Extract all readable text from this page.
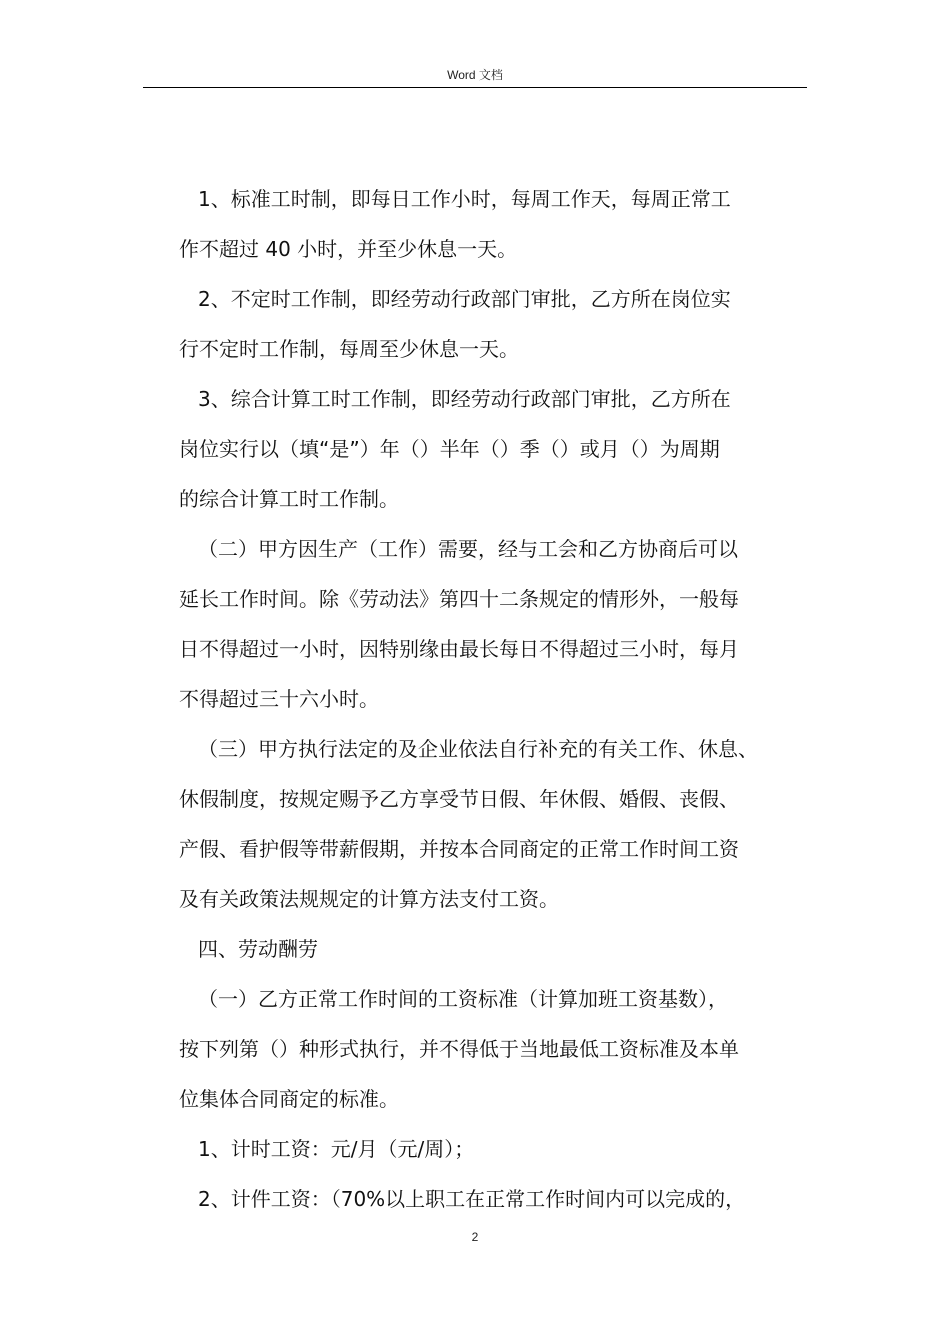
Word 文档
1、标准工时制，即每日工作小时，每周工作天，每周正常工
作不超过 40 小时，并至少休息一天。
2、不定时工作制，即经劳动行政部门审批，乙方所在岗位实
行不定时工作制，每周至少休息一天。
3、综合计算工时工作制，即经劳动行政部门审批，乙方所在
岗位实行以（填“是”）年（）半年（）季（）或月（）为周期
的综合计算工时工作制。
（二）甲方因生产（工作）需要，经与工会和乙方协商后可以
延长工作时间。除《劳动法》第四十二条规定的情形外，一般每
日不得超过一小时，因特别缘由最长每日不得超过三小时，每月
不得超过三十六小时。
（三）甲方执行法定的及企业依法自行补充的有关工作、休息、
休假制度，按规定赐予乙方享受节日假、年休假、婚假、丧假、
产假、看护假等带薪假期，并按本合同商定的正常工作时间工资
及有关政策法规规定的计算方法支付工资。
四、劳动酬劳
（一）乙方正常工作时间的工资标准（计算加班工资基数），
按下列第（）种形式执行，并不得低于当地最低工资标准及本单
位集体合同商定的标准。
1、计时工资：元/月（元/周）；
2、计件工资：（70%以上职工在正常工作时间内可以完成的，
2
